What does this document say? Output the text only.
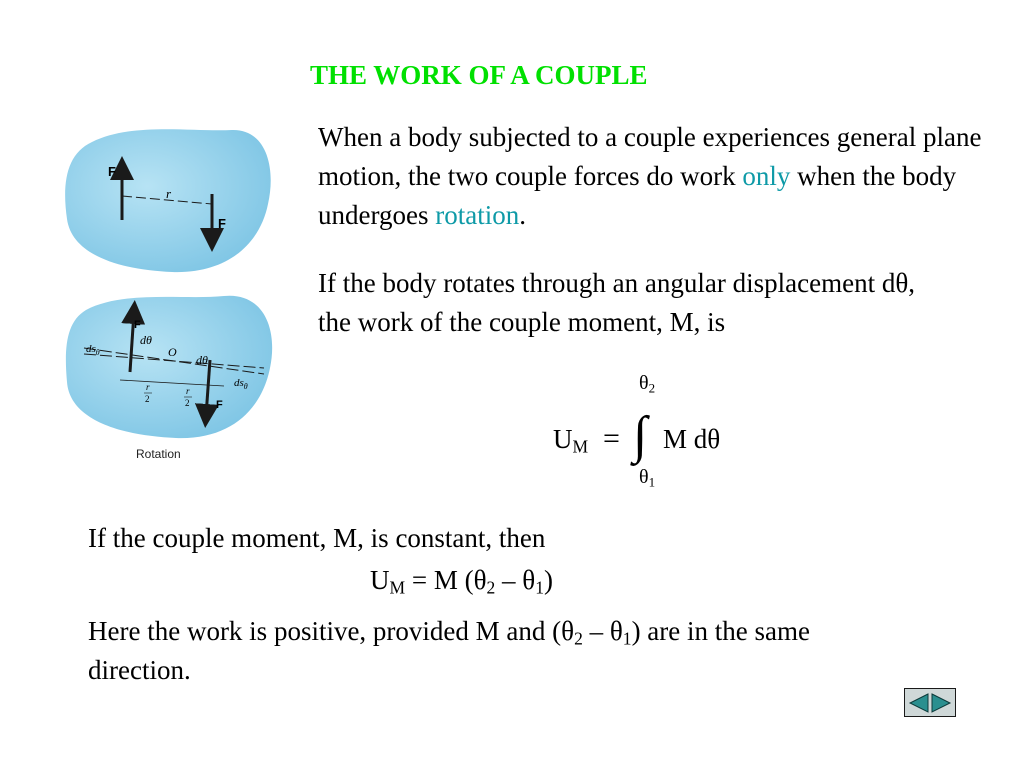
THE WORK OF A COUPLE

When a body subjected to a couple experiences general plane motion, the two couple forces do work only when the body undergoes rotation.

If the body rotates through an angular displacement dθ, the work of the couple moment, M, is

$\theta_2$
$U_M$ = ∫ M dθ
$\theta_1$

If the couple moment, M, is constant, then

$U_M = M$ $(\theta_2 - \theta_1)$

Here the work is positive, provided M and $(\theta_2 - \theta_1)$ are in the same direction.

F
F
r
F
F
dθ
dθ
O
$ds_\theta$
$ds_\theta$
r
2
r
2
Rotation
